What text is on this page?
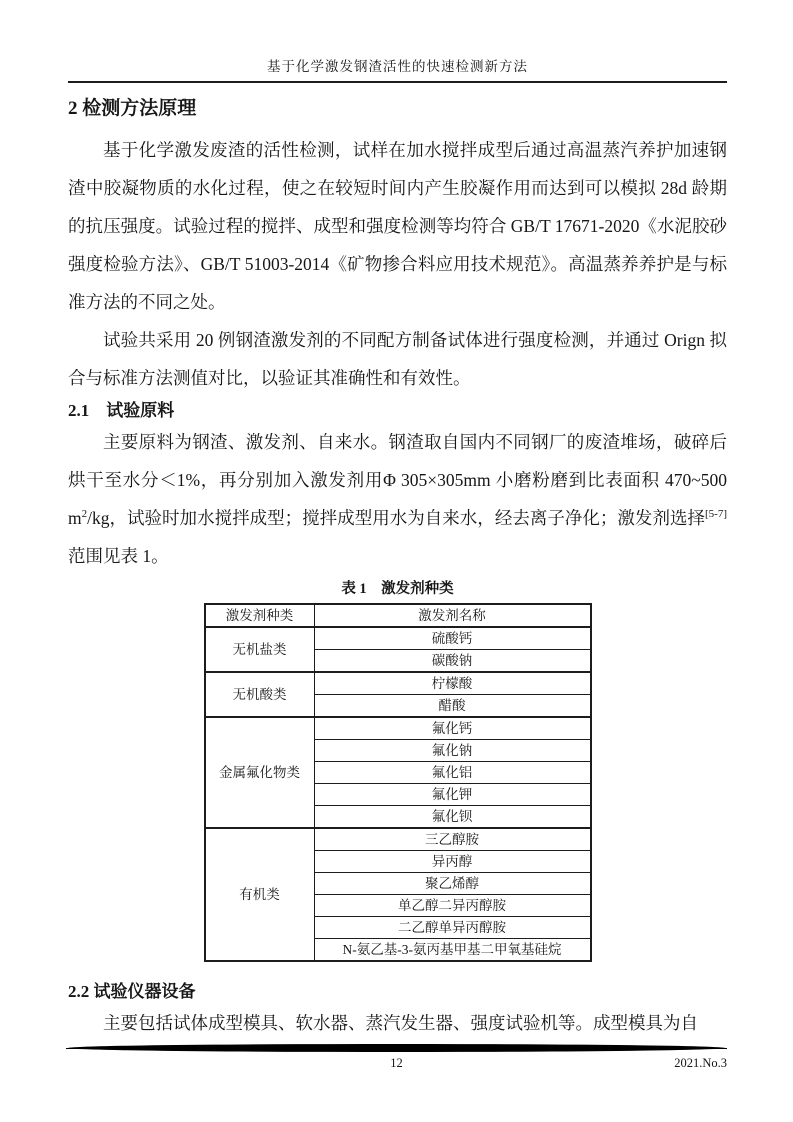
基于化学激发钢渣活性的快速检测新方法
2 检测方法原理

基于化学激发废渣的活性检测，试样在加水搅拌成型后通过高温蒸汽养护加速钢渣中胶凝物质的水化过程，使之在较短时间内产生胶凝作用而达到可以模拟 28d 龄期的抗压强度。试验过程的搅拌、成型和强度检测等均符合 GB/T 17671-2020《水泥胶砂强度检验方法》、GB/T 51003-2014《矿物掺合料应用技术规范》。高温蒸养养护是与标准方法的不同之处。

试验共采用 20 例钢渣激发剂的不同配方制备试体进行强度检测，并通过 Orign 拟合与标准方法测值对比，以验证其准确性和有效性。

2.1　试验原料

主要原料为钢渣、激发剂、自来水。钢渣取自国内不同钢厂的废渣堆场，破碎后烘干至水分＜1%，再分别加入激发剂用Φ 305×305mm 小磨粉磨到比表面积 470~500 $m^2/kg$，试验时加水搅拌成型；搅拌成型用水为自来水，经去离子净化；激发剂选择[5-7]范围见表 1。

表 1　激发剂种类
激发剂种类	激发剂名称
无机盐类	硫酸钙
	碳酸钠
无机酸类	柠檬酸
	醋酸
金属氟化物类	氟化钙
	氟化钠
	氟化铝
	氟化钾
	氟化钡
有机类	三乙醇胺
	异丙醇
	聚乙烯醇
	单乙醇二异丙醇胺
	二乙醇单异丙醇胺
	N-氨乙基-3-氨丙基甲基二甲氧基硅烷
2.2 试验仪器设备

主要包括试体成型模具、软水器、蒸汽发生器、强度试验机等。成型模具为自

12	2021.No.3
